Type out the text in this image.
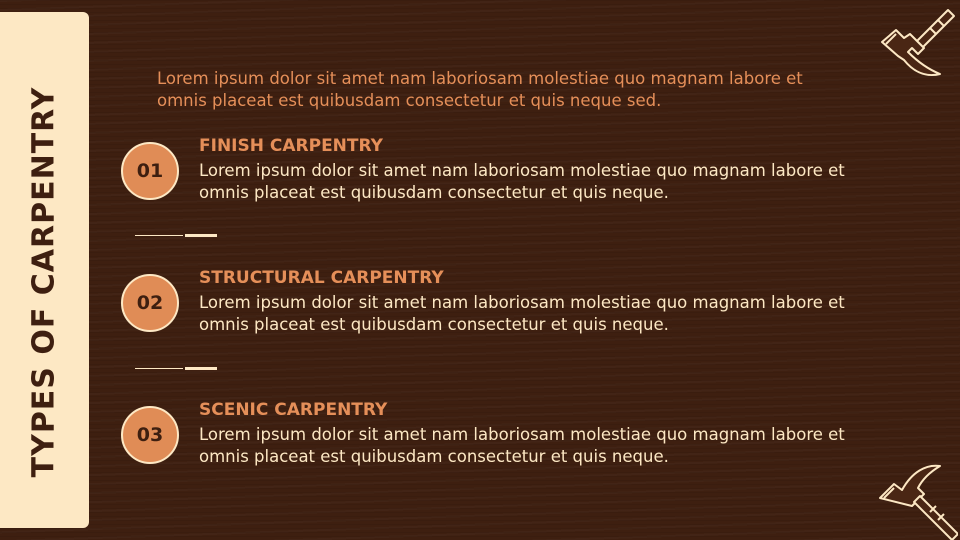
TYPES OF CARPENTRY
Lorem ipsum dolor sit amet nam laboriosam molestiae quo magnam labore et omnis placeat est quibusdam consectetur et quis neque sed.
01
FINISH CARPENTRY
Lorem ipsum dolor sit amet nam laboriosam molestiae quo magnam labore et omnis placeat est quibusdam consectetur et quis neque.
02
STRUCTURAL CARPENTRY
Lorem ipsum dolor sit amet nam laboriosam molestiae quo magnam labore et omnis placeat est quibusdam consectetur et quis neque.
03
SCENIC CARPENTRY
Lorem ipsum dolor sit amet nam laboriosam molestiae quo magnam labore et omnis placeat est quibusdam consectetur et quis neque.
